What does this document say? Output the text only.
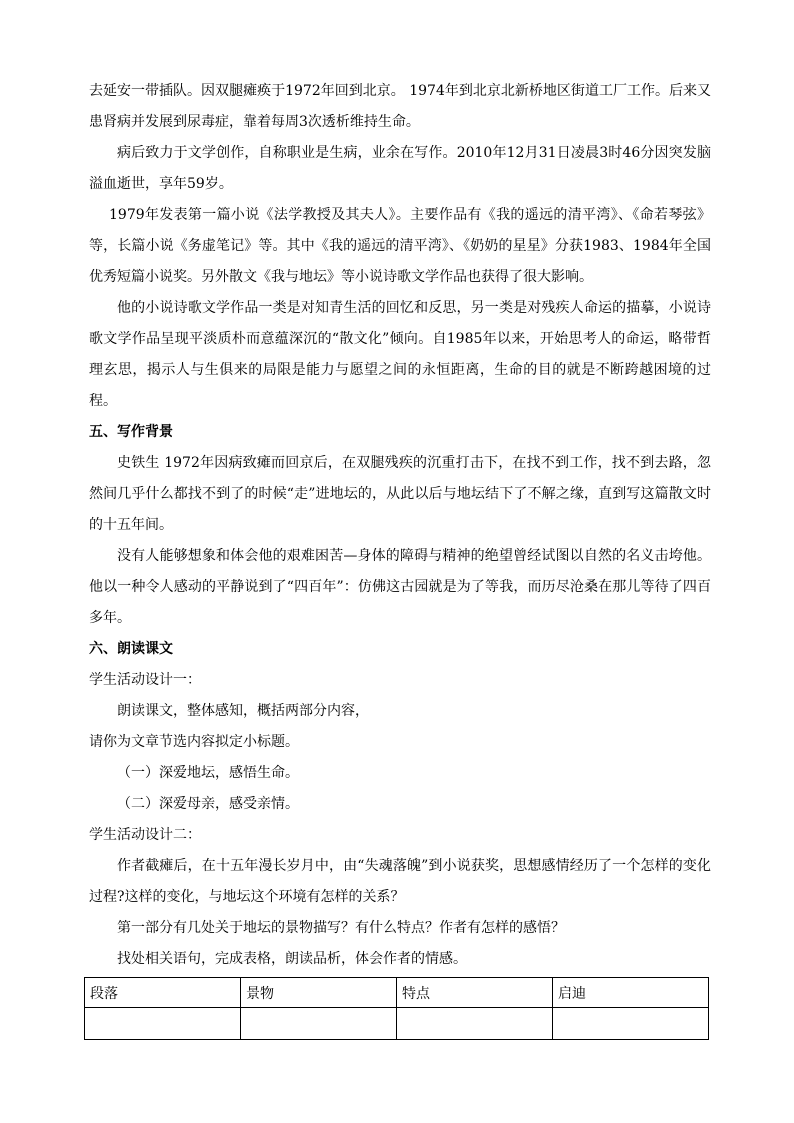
去延安一带插队。因双腿瘫痪于1972年回到北京。 1974年到北京北新桥地区街道工厂工作。后来又患肾病并发展到尿毒症，靠着每周3次透析维持生命。

病后致力于文学创作，自称职业是生病，业余在写作。2010年12月31日凌晨3时46分因突发脑溢血逝世，享年59岁。

1979年发表第一篇小说《法学教授及其夫人》。主要作品有《我的遥远的清平湾》、《命若琴弦》等，长篇小说《务虚笔记》等。其中《我的遥远的清平湾》、《奶奶的星星》分获1983、1984年全国优秀短篇小说奖。另外散文《我与地坛》等小说诗歌文学作品也获得了很大影响。

他的小说诗歌文学作品一类是对知青生活的回忆和反思，另一类是对残疾人命运的描摹，小说诗歌文学作品呈现平淡质朴而意蕴深沉的“散文化”倾向。自1985年以来，开始思考人的命运，略带哲理玄思，揭示人与生俱来的局限是能力与愿望之间的永恒距离，生命的目的就是不断跨越困境的过程。

五、写作背景

史铁生 1972年因病致瘫而回京后，在双腿残疾的沉重打击下，在找不到工作，找不到去路，忽然间几乎什么都找不到了的时候“走”进地坛的，从此以后与地坛结下了不解之缘，直到写这篇散文时的十五年间。

没有人能够想象和体会他的艰难困苦—身体的障碍与精神的绝望曾经试图以自然的名义击垮他。他以一种令人感动的平静说到了“四百年”：仿佛这古园就是为了等我，而历尽沧桑在那儿等待了四百多年。

六、朗读课文

学生活动设计一：

朗读课文，整体感知，概括两部分内容，

请你为文章节选内容拟定小标题。

（一）深爱地坛，感悟生命。

（二）深爱母亲，感受亲情。

学生活动设计二：

作者截瘫后，在十五年漫长岁月中，由“失魂落魄”到小说获奖，思想感情经历了一个怎样的变化过程?这样的变化，与地坛这个环境有怎样的关系？

第一部分有几处关于地坛的景物描写？有什么特点？作者有怎样的感悟？

找处相关语句，完成表格，朗读品析，体会作者的情感。

段落	景物	特点	启迪
